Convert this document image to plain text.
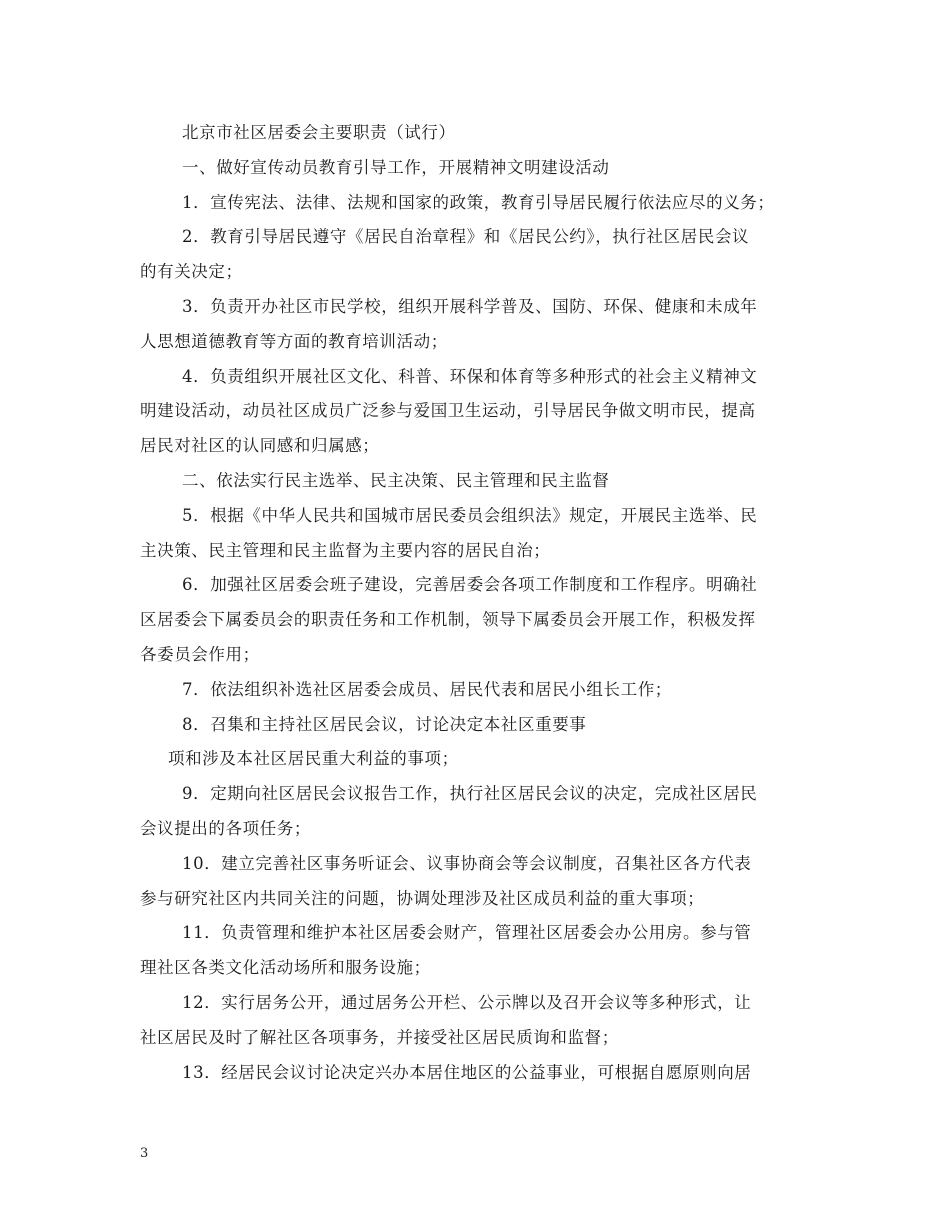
北京市社区居委会主要职责（试行）
一、做好宣传动员教育引导工作，开展精神文明建设活动
1．宣传宪法、法律、法规和国家的政策，教育引导居民履行依法应尽的义务；
2．教育引导居民遵守《居民自治章程》和《居民公约》，执行社区居民会议
的有关决定；
3．负责开办社区市民学校，组织开展科学普及、国防、环保、健康和未成年
人思想道德教育等方面的教育培训活动；
4．负责组织开展社区文化、科普、环保和体育等多种形式的社会主义精神文
明建设活动，动员社区成员广泛参与爱国卫生运动，引导居民争做文明市民，提高
居民对社区的认同感和归属感；
二、依法实行民主选举、民主决策、民主管理和民主监督
5．根据《中华人民共和国城市居民委员会组织法》规定，开展民主选举、民
主决策、民主管理和民主监督为主要内容的居民自治；
6．加强社区居委会班子建设，完善居委会各项工作制度和工作程序。明确社
区居委会下属委员会的职责任务和工作机制，领导下属委员会开展工作，积极发挥
各委员会作用；
7．依法组织补选社区居委会成员、居民代表和居民小组长工作；
8．召集和主持社区居民会议，讨论决定本社区重要事
项和涉及本社区居民重大利益的事项；
9．定期向社区居民会议报告工作，执行社区居民会议的决定，完成社区居民
会议提出的各项任务；
10．建立完善社区事务听证会、议事协商会等会议制度，召集社区各方代表
参与研究社区内共同关注的问题，协调处理涉及社区成员利益的重大事项；
11．负责管理和维护本社区居委会财产，管理社区居委会办公用房。参与管
理社区各类文化活动场所和服务设施；
12．实行居务公开，通过居务公开栏、公示牌以及召开会议等多种形式，让
社区居民及时了解社区各项事务，并接受社区居民质询和监督；
13．经居民会议讨论决定兴办本居住地区的公益事业，可根据自愿原则向居
3
